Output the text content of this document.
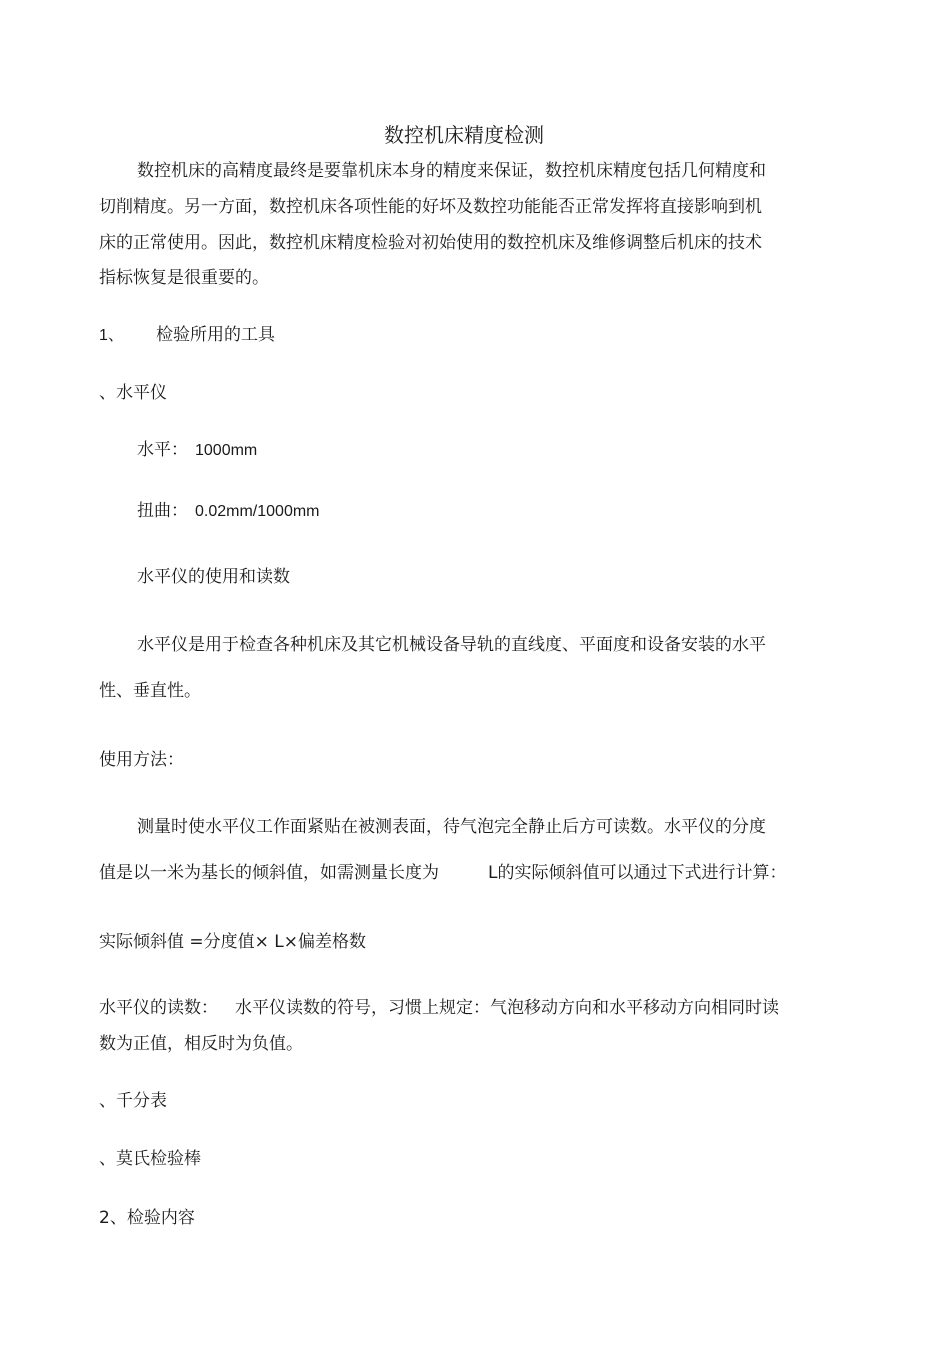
数控机床精度检测
数控机床的高精度最终是要靠机床本身的精度来保证，数控机床精度包括几何精度和
切削精度。另一方面，数控机床各项性能的好坏及数控功能能否正常发挥将直接影响到机
床的正常使用。因此，数控机床精度检验对初始使用的数控机床及维修调整后机床的技术
指标恢复是很重要的。
1、 检验所用的工具
、水平仪
水平： 1000mm
扭曲： 0.02mm/1000mm
水平仪的使用和读数
水平仪是用于检查各种机床及其它机械设备导轨的直线度、平面度和设备安装的水平
性、垂直性。
使用方法：
测量时使水平仪工作面紧贴在被测表面，待气泡完全静止后方可读数。水平仪的分度
值是以一米为基长的倾斜值，如需测量长度为	L的实际倾斜值可以通过下式进行计算：
实际倾斜值 =分度值× L×偏差格数
水平仪的读数： 水平仪读数的符号，习惯上规定：气泡移动方向和水平移动方向相同时读
数为正值，相反时为负值。
、千分表
、莫氏检验棒
2、检验内容
